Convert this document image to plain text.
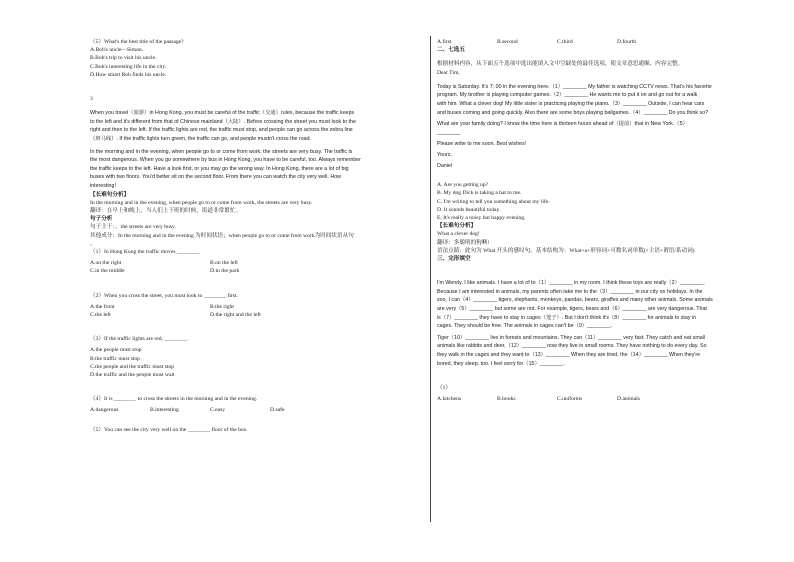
（5）What's the best title of the passage?
A.Bob's uncle—Simon.
B.Bob's trip to visit his uncle.
C.Bob's interesting life in the city.
D.How smart Bob finds his uncle.
3
When you travel（旅游）in Hong Kong, you must be careful of the traffic（交通）rules, because the traffic keeps
to the left and it's different from that of Chinese mainland（大陆）. Before crossing the street you must look to the
right and then to the left. If the traffic lights are red, the traffic must stop, and people can go across the zebra line
（斑马线）. If the traffic lights turn green, the traffic can go, and people mustn't cross the road.
In the morning and in the evening, when people go to or come from work, the streets are very busy. The traffic is
the most dangerous. When you go somewhere by bus in Hong Kong, you have to be careful, too. Always remember
the traffic keeps to the left. Have a look first, or you may go the wrong way. In Hong Kong, there are a lot of big
buses with two floors. You'd better sit on the second floor. From there you can watch the city very well. How
interesting!
【长难句分析】
In the morning and in the evening, when people go to or come from work, the streets are very busy.
翻译：在早上和晚上，当人们上下班的时候，街道非常繁忙。
句子分析
句子主干：，the streets are very busy.
其他成分：In the morning and in the evening 为时间状语；when people go to or come from work为时间状语从句
。
（1）In Hong Kong the traffic moves ________.
A.on the right	B.on the left
C.in the middle	D.in the park
（2）When you cross the street, you must look to ________ first.
A.the front	B.the right
C.the left	D.the right and the left
（3）If the traffic lights are red, ________.
A.the people must stop
B.the traffic must stop
C.the people and the traffic must stop
D.the traffic and the people must wait
（4）It is ________ to cross the streets in the morning and in the evening.
A.dangerous	B.interesting	C.easy	D.safe
（5）You can see the city very well on the ________ floor of the bus.
A.first	B.second	C.third	D.fourth
二、七选五
根据材料内容，从下面五个选项中选出能填入文中空缺处的最佳选项，使文章意思通顺、内容完整。
Dear Tim,
Today is Saturday. It's 7: 00 in the evening here.（1）________ My father is watching CCTV news. That's his favorite
program. My brother is playing computer games.（2）________ He wants me to put it on and go out for a walk
with him. What a clever dog! My little sister is practicing playing the piano.（3）________ Outside, I can hear cars
and buses coming and going quickly. Also there are some boys playing ballgames.（4）________ Do you think so?
What are your family doing? I know the time here is thirteen hours ahead of（提前）that in New York.（5）
________
Please write to me soon. Best wishes!
Yours,
Daniel
A. Are you getting up?
B. My dog Dick is taking a hat to me.
C. I'm writing to tell you something about my life.
D. It sounds beautiful today.
E. It's really a noisy but happy evening.
【长难句分析】
What a clever dog!
翻译：多聪明的狗啊!
语法点睛：此句为 What 开头的感叹句。基本结构为：What+a+形容词+可数名词单数(+主语+谓语/系动词)
三、完形填空
I'm Wendy. I like animals. I have a lot of to（1）________ in my room. I think these toys are really（2）________.
Because I am interested in animals, my parents often take me to the（3）________ in our city on holidays. In the
zoo, I can（4）________ tigers, elephants, monkeys, pandas, bears, giraffes and many other animals. Some animals
are very（5）________ but some are not. For example, tigers, bears and（6）________ are very dangerous. That
is（7）________ they have to stay in cages（笼子）. But I don't think it's（8）________ for animals to stay in
cages. They should be free. The animals in cages can't be（9）________.
Tiger（10）________ live in forests and mountains. They can（11）________ very fast. They catch and eat small
animals like rabbits and deer,（12）________ now they live in small rooms. They have nothing to do every day. So
they walk in the cages and they want to（13）________ When they are tired, the（14）________ When they're
bored, they sleep, too. I feel sorry for（15）________.
（1）
A.kitchens	B.books	C.uniforms	D.animals
